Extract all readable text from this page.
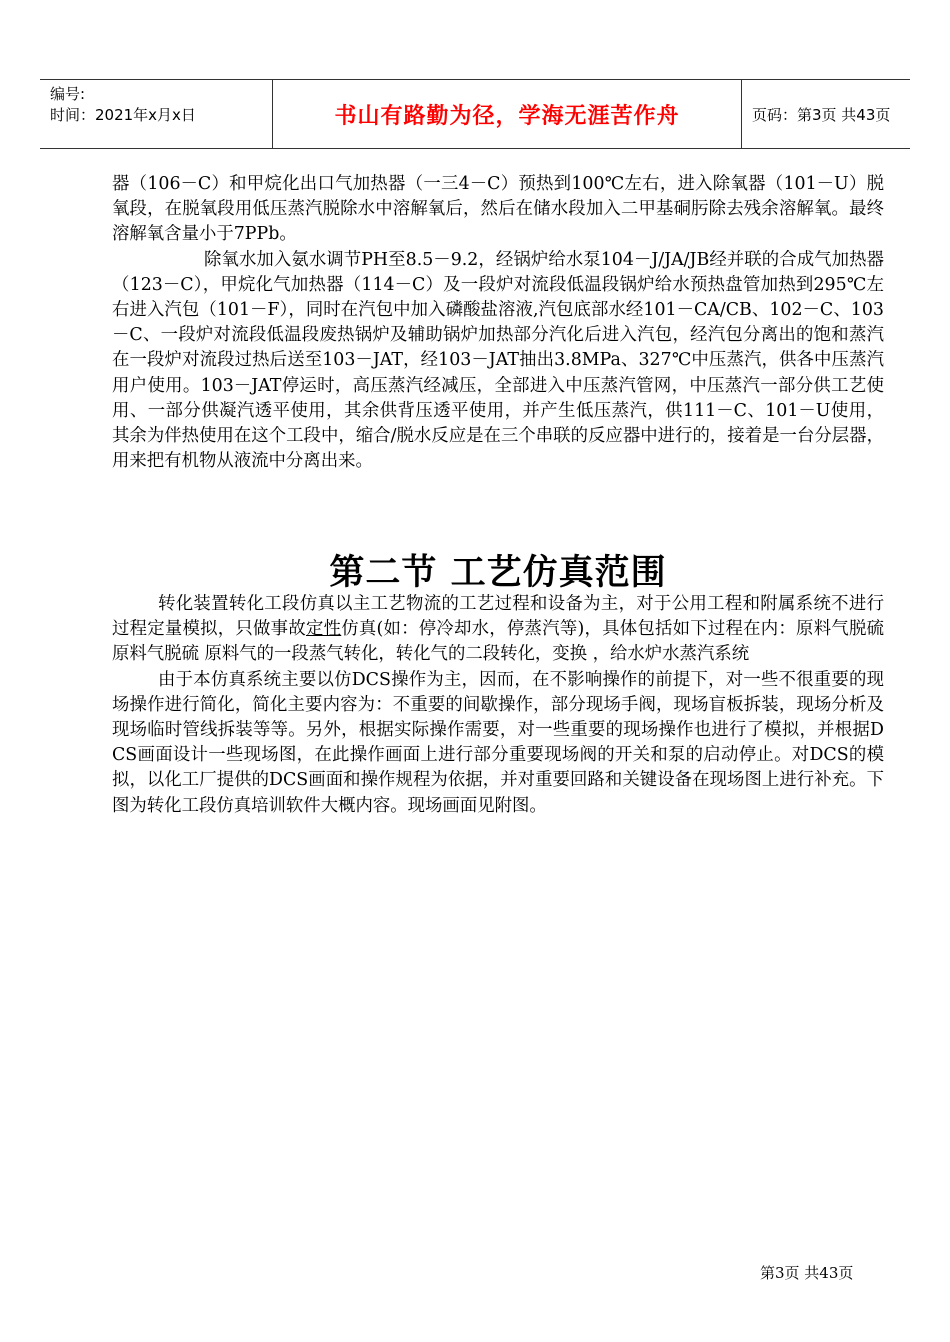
编号:
时间：2021年x月x日	书山有路勤为径，学海无涯苦作舟	页码：第3页 共43页

器（106－C）和甲烷化出口气加热器（一三4－C）预热到100℃左右，进入除氧器（101－U）脱氧段，在脱氧段用低压蒸汽脱除水中溶解氧后，然后在储水段加入二甲基硐肟除去残余溶解氧。最终溶解氧含量小于7PPb。

除氧水加入氨水调节PH至8.5－9.2，经锅炉给水泵104－J/JA/JB经并联的合成气加热器（123－C），甲烷化气加热器（114－C）及一段炉对流段低温段锅炉给水预热盘管加热到295℃左右进入汽包（101－F），同时在汽包中加入磷酸盐溶液,汽包底部水经101－CA/CB、102－C、103－C、一段炉对流段低温段废热锅炉及辅助锅炉加热部分汽化后进入汽包，经汽包分离出的饱和蒸汽在一段炉对流段过热后送至103－JAT，经103－JAT抽出3.8MPa、327℃中压蒸汽，供各中压蒸汽用户使用。103－JAT停运时，高压蒸汽经减压，全部进入中压蒸汽管网，中压蒸汽一部分供工艺使用、一部分供凝汽透平使用，其余供背压透平使用，并产生低压蒸汽，供111－C、101－U使用，其余为伴热使用在这个工段中，缩合/脱水反应是在三个串联的反应器中进行的，接着是一台分层器，用来把有机物从液流中分离出来。

第二节 工艺仿真范围

转化装置转化工段仿真以主工艺物流的工艺过程和设备为主，对于公用工程和附属系统不进行过程定量模拟，只做事故定性仿真(如：停冷却水，停蒸汽等)，具体包括如下过程在内：原料气脱硫原料气脱硫 原料气的一段蒸气转化，转化气的二段转化，变换 ，给水炉水蒸汽系统

由于本仿真系统主要以仿DCS操作为主，因而，在不影响操作的前提下，对一些不很重要的现场操作进行简化，简化主要内容为：不重要的间歇操作，部分现场手阀，现场盲板拆装，现场分析及现场临时管线拆装等等。另外，根据实际操作需要，对一些重要的现场操作也进行了模拟，并根据DCS画面设计一些现场图，在此操作画面上进行部分重要现场阀的开关和泵的启动停止。对DCS的模拟，以化工厂提供的DCS画面和操作规程为依据，并对重要回路和关键设备在现场图上进行补充。下图为转化工段仿真培训软件大概内容。现场画面见附图。

第3页 共43页
